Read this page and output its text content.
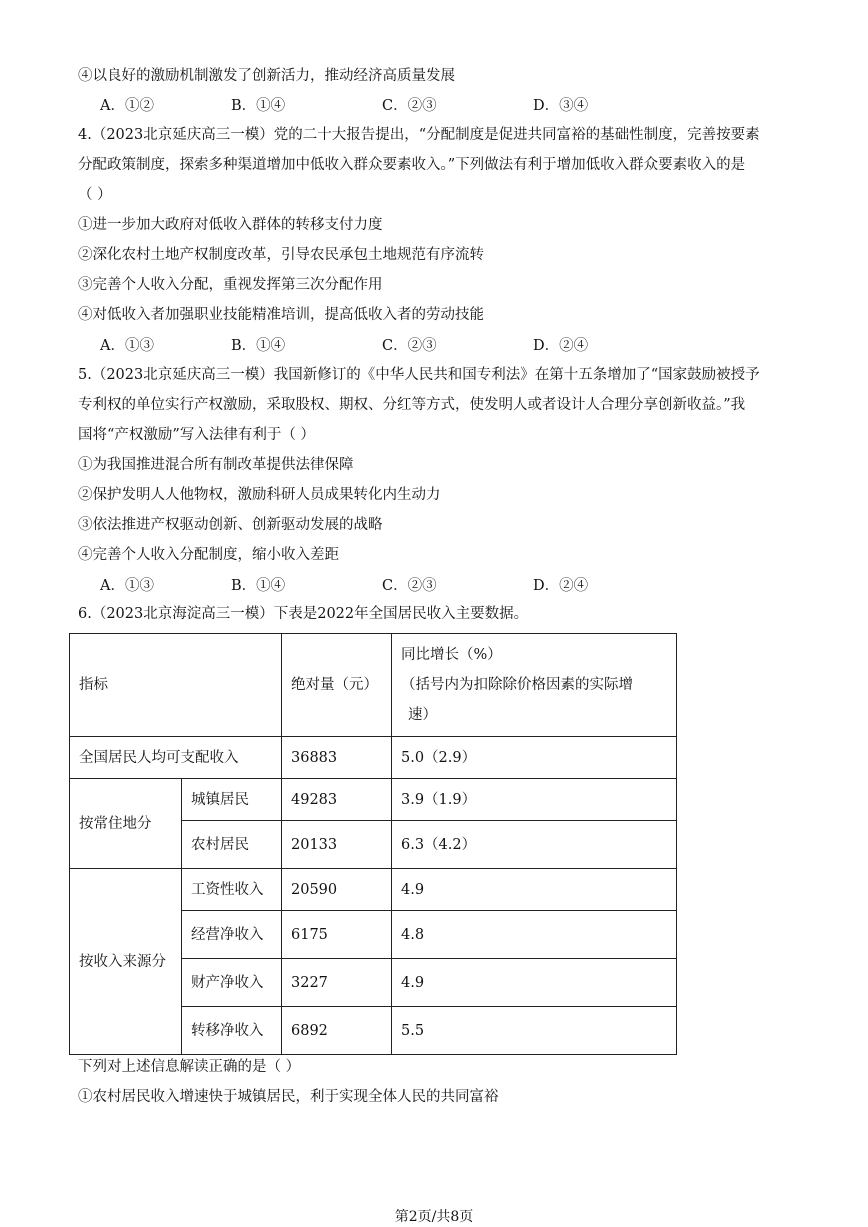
④以良好的激励机制激发了创新活力，推动经济高质量发展
A．①②	B．①④	C．②③	D．③④
4.（2023北京延庆高三一模）党的二十大报告提出，“分配制度是促进共同富裕的基础性制度，完善按要素
分配政策制度，探索多种渠道增加中低收入群众要素收入。”下列做法有利于增加低收入群众要素收入的是
（ ）
①进一步加大政府对低收入群体的转移支付力度
②深化农村土地产权制度改革，引导农民承包土地规范有序流转
③完善个人收入分配，重视发挥第三次分配作用
④对低收入者加强职业技能精准培训，提高低收入者的劳动技能
A．①③	B．①④	C．②③	D．②④
5.（2023北京延庆高三一模）我国新修订的《中华人民共和国专利法》在第十五条增加了“国家鼓励被授予
专利权的单位实行产权激励，采取股权、期权、分红等方式，使发明人或者设计人合理分享创新收益。”我
国将“产权激励”写入法律有利于（ ）
①为我国推进混合所有制改革提供法律保障
②保护发明人人他物权，激励科研人员成果转化内生动力
③依法推进产权驱动创新、创新驱动发展的战略
④完善个人收入分配制度，缩小收入差距
A．①③	B．①④	C．②③	D．②④
6.（2023北京海淀高三一模）下表是2022年全国居民收入主要数据。
指标		绝对量（元）	同比增长（%）
（括号内为扣除除价格因素的实际增
速）

全国居民人均可支配收入		36883	5.0（2.9）
按常住地分	城镇居民	49283	3.9（1.9）
	农村居民	20133	6.3（4.2）
按收入来源分	工资性收入	20590	4.9
	经营净收入	6175	4.8
	财产净收入	3227	4.9
	转移净收入	6892	5.5
下列对上述信息解读正确的是（ ）
①农村居民收入增速快于城镇居民，利于实现全体人民的共同富裕
第2页/共8页
